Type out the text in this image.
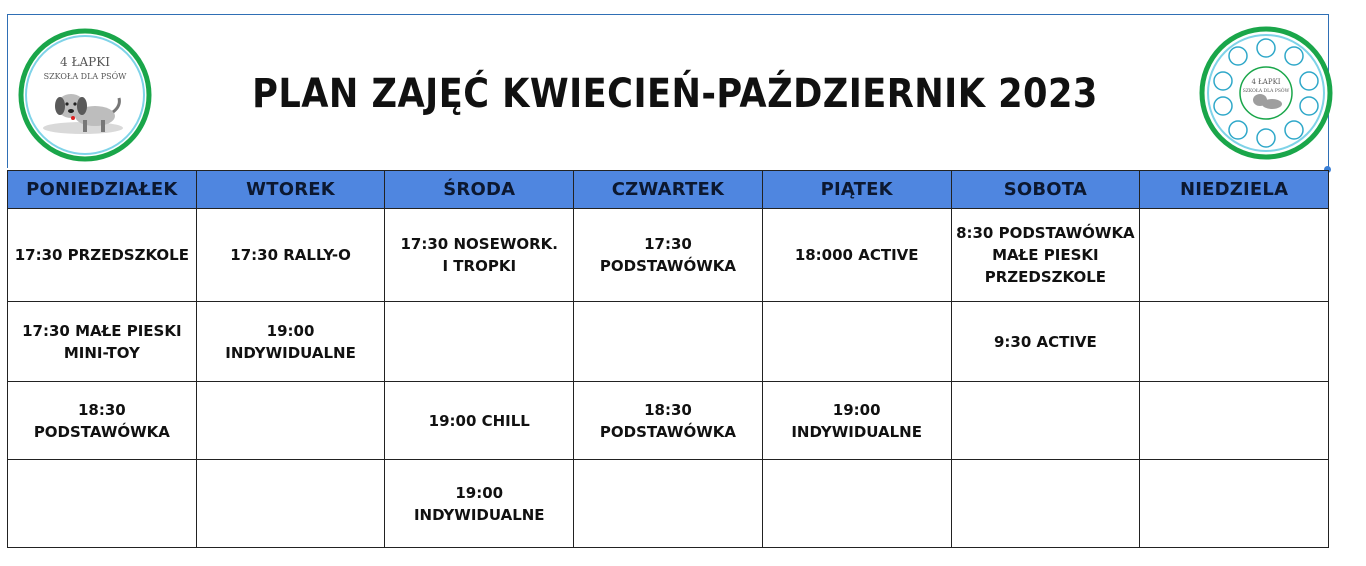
4 ŁAPKI
SZKOŁA DLA PSÓW
4 ŁAPKI
SZKOŁA DLA PSÓW
PLAN ZAJĘĆ KWIECIEŃ-PAŹDZIERNIK 2023
PONIEDZIAŁEK	WTOREK	ŚRODA	CZWARTEK	PIĄTEK	SOBOTA	NIEDZIELA

17:30 PRZEDSZKOLE	17:30 RALLY-O	17:30 NOSEWORK.
I TROPKI	17:30 PODSTAWÓWKA	18:000 ACTIVE	8:30 PODSTAWÓWKA
MAŁE PIESKI
PRZEDSZKOLE	

17:30 MAŁE PIESKI
MINI-TOY	19:00 INDYWIDUALNE				9:30 ACTIVE	

18:30 PODSTAWÓWKA		19:00 CHILL	18:30 PODSTAWÓWKA	19:00
INDYWIDUALNE		

		19:00 INDYWIDUALNE				
